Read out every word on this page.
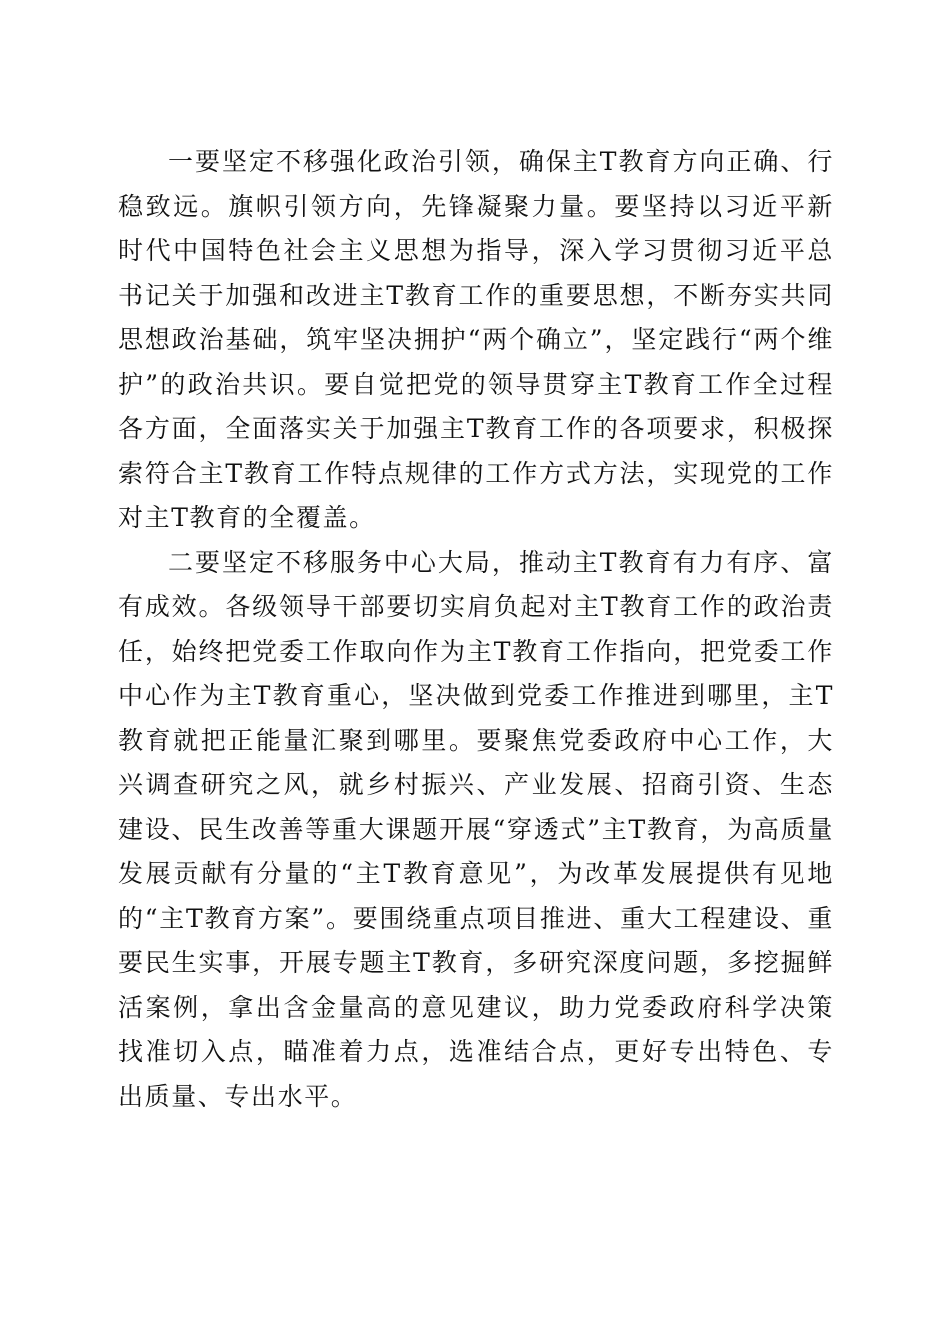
一要坚定不移强化政治引领，确保主T教育方向正确、行稳致远。旗帜引领方向，先锋凝聚力量。要坚持以习近平新时代中国特色社会主义思想为指导，深入学习贯彻习近平总书记关于加强和改进主T教育工作的重要思想，不断夯实共同思想政治基础，筑牢坚决拥护“两个确立”，坚定践行“两个维护”的政治共识。要自觉把党的领导贯穿主T教育工作全过程各方面，全面落实关于加强主T教育工作的各项要求，积极探索符合主T教育工作特点规律的工作方式方法，实现党的工作对主T教育的全覆盖。

二要坚定不移服务中心大局，推动主T教育有力有序、富有成效。各级领导干部要切实肩负起对主T教育工作的政治责任，始终把党委工作取向作为主T教育工作指向，把党委工作中心作为主T教育重心，坚决做到党委工作推进到哪里，主T教育就把正能量汇聚到哪里。要聚焦党委政府中心工作，大兴调查研究之风，就乡村振兴、产业发展、招商引资、生态建设、民生改善等重大课题开展“穿透式”主T教育，为高质量发展贡献有分量的“主T教育意见”，为改革发展提供有见地的“主T教育方案”。要围绕重点项目推进、重大工程建设、重要民生实事，开展专题主T教育，多研究深度问题，多挖掘鲜活案例，拿出含金量高的意见建议，助力党委政府科学决策找准切入点，瞄准着力点，选准结合点，更好专出特色、专出质量、专出水平。
